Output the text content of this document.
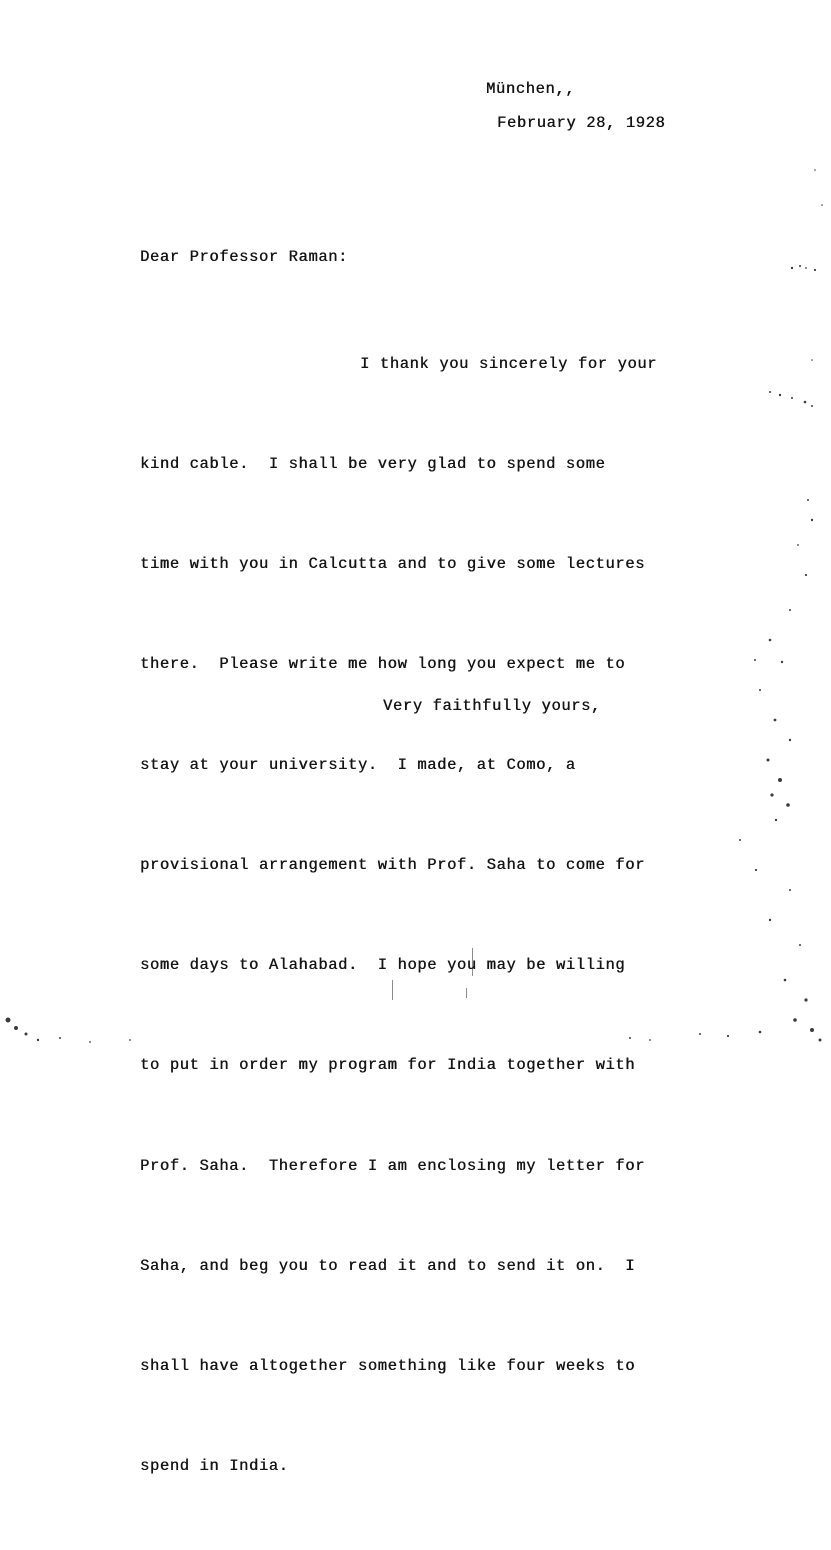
München,,
February 28, 1928
Dear Professor Raman:

I thank you sincerely for your

kind cable.  I shall be very glad to spend some

time with you in Calcutta and to give some lectures

there.  Please write me how long you expect me to

stay at your university.  I made, at Como, a

provisional arrangement with Prof. Saha to come for

some days to Alahabad.  I hope you may be willing

to put in order my program for India together with

Prof. Saha.  Therefore I am enclosing my letter for

Saha, and beg you to read it and to send it on.  I

shall have altogether something like four weeks to

spend in India.

Very faithfully yours,
